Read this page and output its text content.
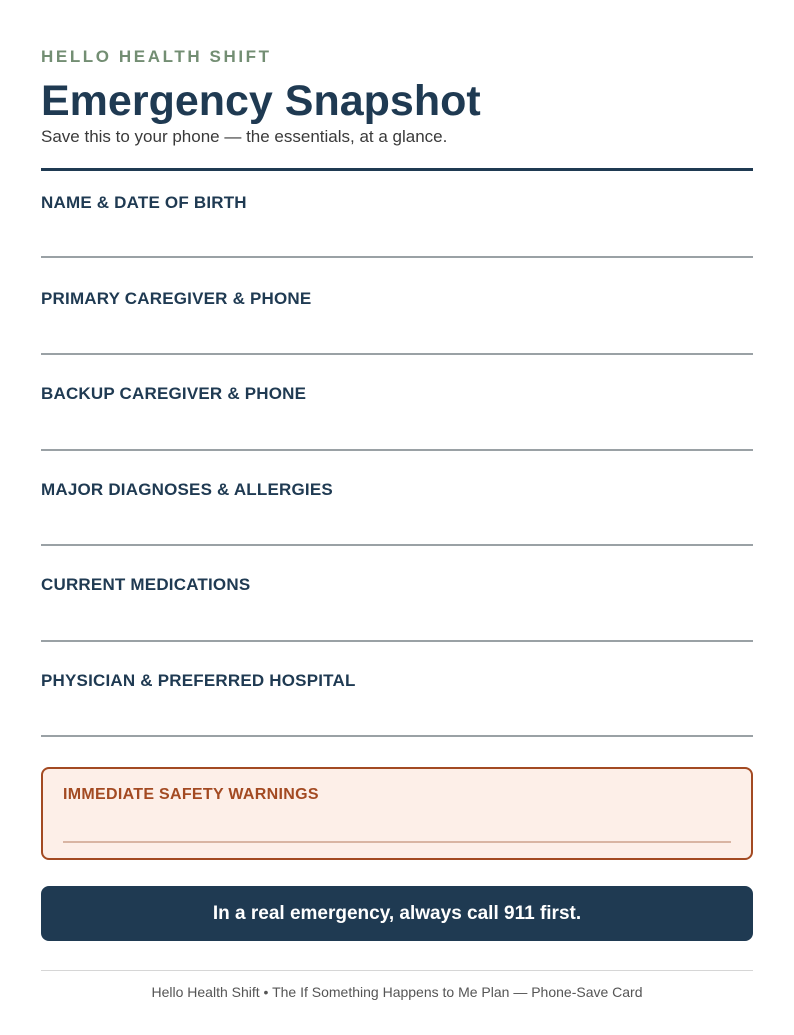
HELLO HEALTH SHIFT
Emergency Snapshot
Save this to your phone — the essentials, at a glance.
NAME & DATE OF BIRTH
PRIMARY CAREGIVER & PHONE
BACKUP CAREGIVER & PHONE
MAJOR DIAGNOSES & ALLERGIES
CURRENT MEDICATIONS
PHYSICIAN & PREFERRED HOSPITAL
IMMEDIATE SAFETY WARNINGS
In a real emergency, always call 911 first.
Hello Health Shift • The If Something Happens to Me Plan — Phone-Save Card
